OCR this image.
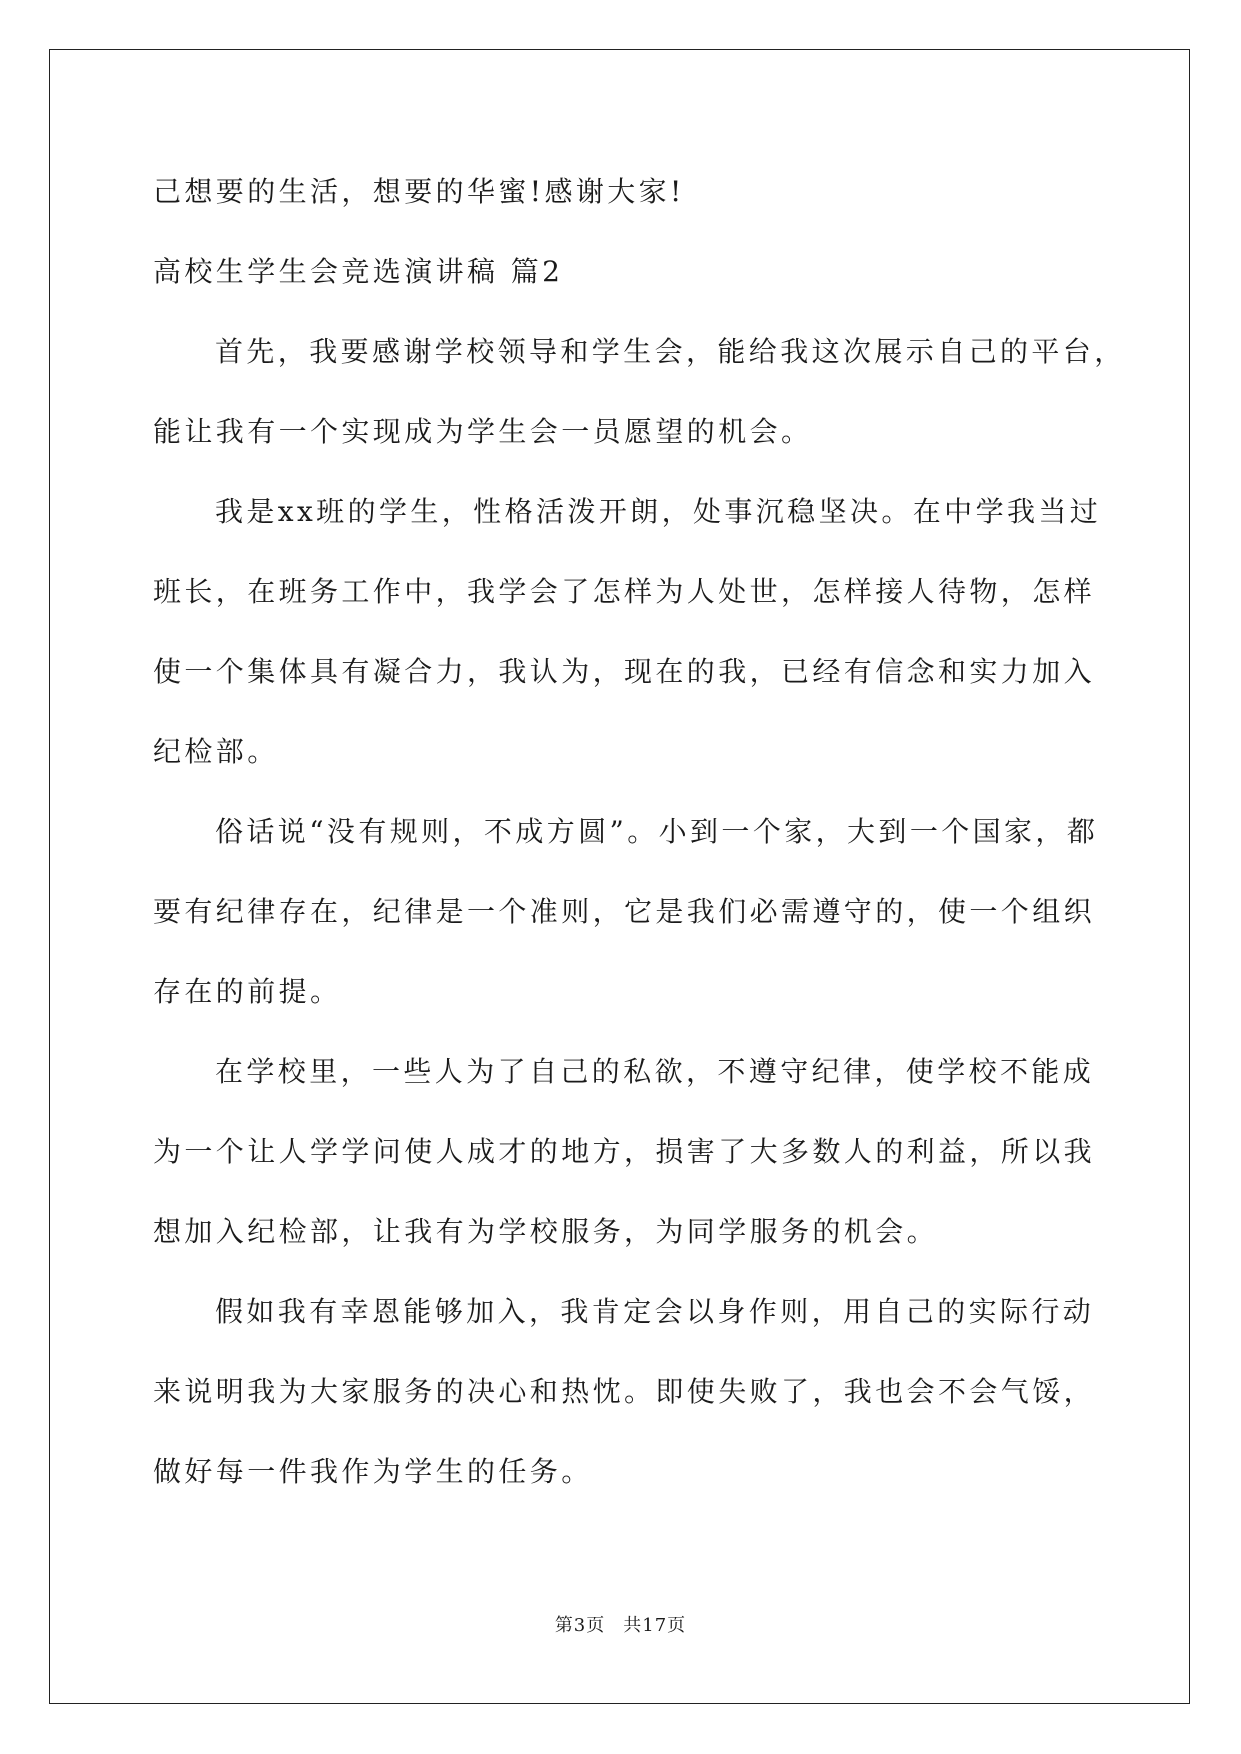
己想要的生活，想要的华蜜!感谢大家!
高校生学生会竞选演讲稿 篇2
首先，我要感谢学校领导和学生会，能给我这次展示自己的平台，
能让我有一个实现成为学生会一员愿望的机会。
我是xx班的学生，性格活泼开朗，处事沉稳坚决。在中学我当过
班长，在班务工作中，我学会了怎样为人处世，怎样接人待物，怎样
使一个集体具有凝合力，我认为，现在的我，已经有信念和实力加入
纪检部。
俗话说“没有规则，不成方圆”。小到一个家，大到一个国家，都
要有纪律存在，纪律是一个准则，它是我们必需遵守的，使一个组织
存在的前提。
在学校里，一些人为了自己的私欲，不遵守纪律，使学校不能成
为一个让人学学问使人成才的地方，损害了大多数人的利益，所以我
想加入纪检部，让我有为学校服务，为同学服务的机会。
假如我有幸恩能够加入，我肯定会以身作则，用自己的实际行动
来说明我为大家服务的决心和热忱。即使失败了，我也会不会气馁，
做好每一件我作为学生的任务。
第3页 共17页
